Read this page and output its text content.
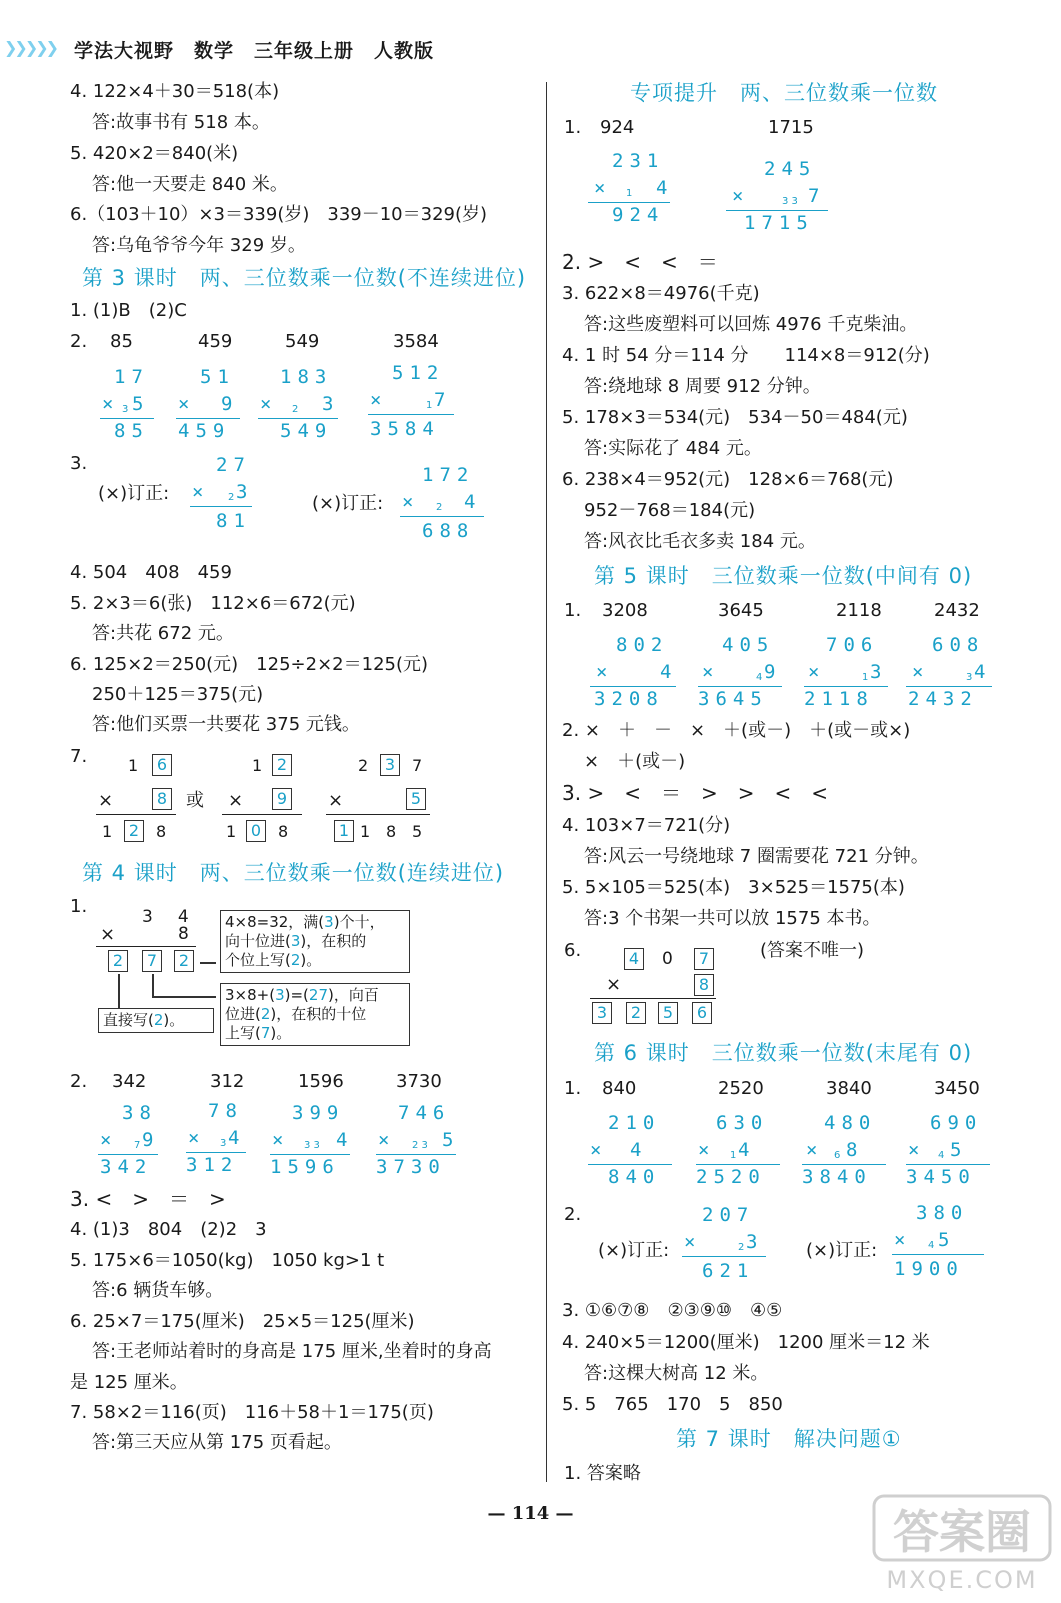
❯❯❯❯❯ 学法大视野　数学　三年级上册　人教版
4. 122×4＋30＝518(本)
答:故事书有 518 本。
5. 420×2＝840(米)
答:他一天要走 840 米。
6.（103＋10）×3＝339(岁)　339－10＝329(岁)
答:乌龟爷爷今年 329 岁。
第 3 课时　两、三位数乘一位数(不连续进位)
1. (1)B　(2)C
2. 85	459	549	3584
17
× 3 5
85
51
× 9
459
183
× 2 3
549
512
×	1 7
3584
3.
(×)订正:
27
× 2 3
81
(×)订正:
172
× 2 4
688
4. 504　408　459
5. 2×3＝6(张)　112×6＝672(元)
答:共花 672 元。
6. 125×2＝250(元)　125÷2×2＝125(元)
250＋125＝375(元)
答:他们买票一共要花 375 元钱。
7.	1	6
×	8
1	2	8
或
1 2
×	9
1 0	8
2	3	7
×	5
1 1 8 5
第 4 课时　两、三位数乘一位数(连续进位)
1.	3　4
×	8
2	7	2
4×8=32，满(3)个十，
向十位进(3)，在积的
个位上写(2)。
3×8+(3)=(27)，向百
位进(2)，在积的十位
上写(7)。
直接写(2)。
2. 342	312	1596	3730
38
× 7 9
342
78
× 3 4
312
399
× 3 3 4
1596
746
× 2 3 5
3730
3. <　>　＝　>
4. (1)3　804　(2)2　3
5. 175×6＝1050(kg)　1050 kg>1 t
答:6 辆货车够。
6. 25×7＝175(厘米)　25×5＝125(厘米)
答:王老师站着时的身高是 175 厘米,坐着时的身高
是 125 厘米。
7. 58×2＝116(页)　116＋58＋1＝175(页)
答:第三天应从第 175 页看起。
专项提升　两、三位数乘一位数
1. 924	1715
231
× 1 4
924
245
×	3 3 7
1715
2. >　<　<　＝
3. 622×8＝4976(千克)
答:这些废塑料可以回炼 4976 千克柴油。
4. 1 时 54 分＝114 分　　114×8＝912(分)
答:绕地球 8 周要 912 分钟。
5. 178×3＝534(元)　534－50＝484(元)
答:实际花了 484 元。
6. 238×4＝952(元)　128×6＝768(元)
952－768＝184(元)
答:风衣比毛衣多卖 184 元。
第 5 课时　三位数乘一位数(中间有 0)
1. 3208	3645	2118	2432
802
× 4
3208
405
×	4 9
3645
706
×	1 3
2118
608
×	3 4
2432
2. ×　＋　－　×　＋(或－)　＋(或－或×)
×　＋(或－)
3. >　<　＝　>　>　<　<
4. 103×7＝721(分)
答:风云一号绕地球 7 圈需要花 721 分钟。
5. 5×105＝525(本)　3×525＝1575(本)
答:3 个书架一共可以放 1575 本书。
6.	(答案不唯一)
4 0	7
×	8
3	2	5	6
第 6 课时　三位数乘一位数(末尾有 0)
1. 840	2520	3840	3450
210
× 4
840
630
× 1 4
2520
480
× 6 8
3840
690
× 4 5
3450
2.
(×)订正:
207
×	2 3
621
(×)订正:
380
× 4 5
1900
3. ①⑥⑦⑧　②③⑨⑩　④⑤
4. 240×5＝1200(厘米)　1200 厘米＝12 米
答:这棵大树高 12 米。
5. 5　765　170　5　850
第 7 课时　解决问题①
1. 答案略
— 114 —	答案圈
MXQE.COM
